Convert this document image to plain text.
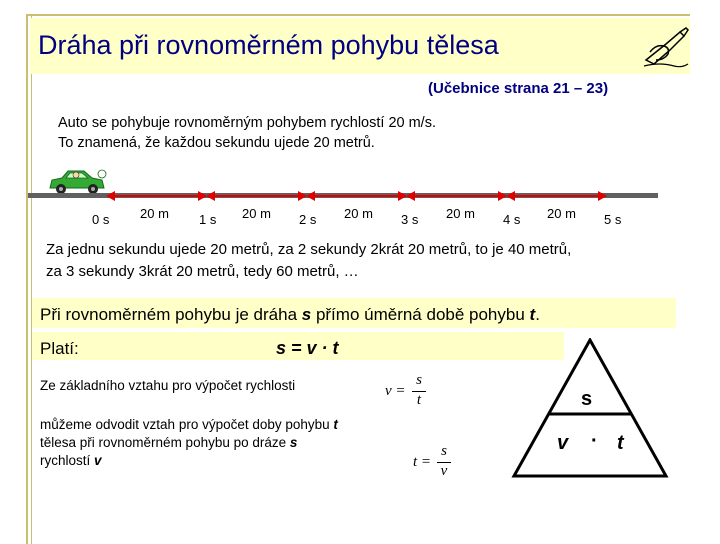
Dráha při rovnoměrném pohybu tělesa
(Učebnice strana 21 – 23)
Auto se pohybuje rovnoměrným pohybem rychlostí 20 m/s.
To znamená, že každou sekundu ujede 20 metrů.
0 s	1 s	2 s	3 s	4 s	5 s
20 m	20 m	20 m	20 m	20 m
Za jednu sekundu ujede 20 metrů, za 2 sekundy 2krát 20 metrů, to je 40 metrů,
za 3 sekundy 3krát 20 metrů, tedy 60 metrů, …
Při rovnoměrném pohybu je dráha s přímo úměrná době pohybu t.
Platí:	s = v · t
Ze základního vztahu pro výpočet rychlosti
můžeme odvodit vztah pro výpočet doby pohybu t
tělesa při rovnoměrném pohybu po dráze s
rychlostí v
v =
s
t
t =
s
v
s
v · t
